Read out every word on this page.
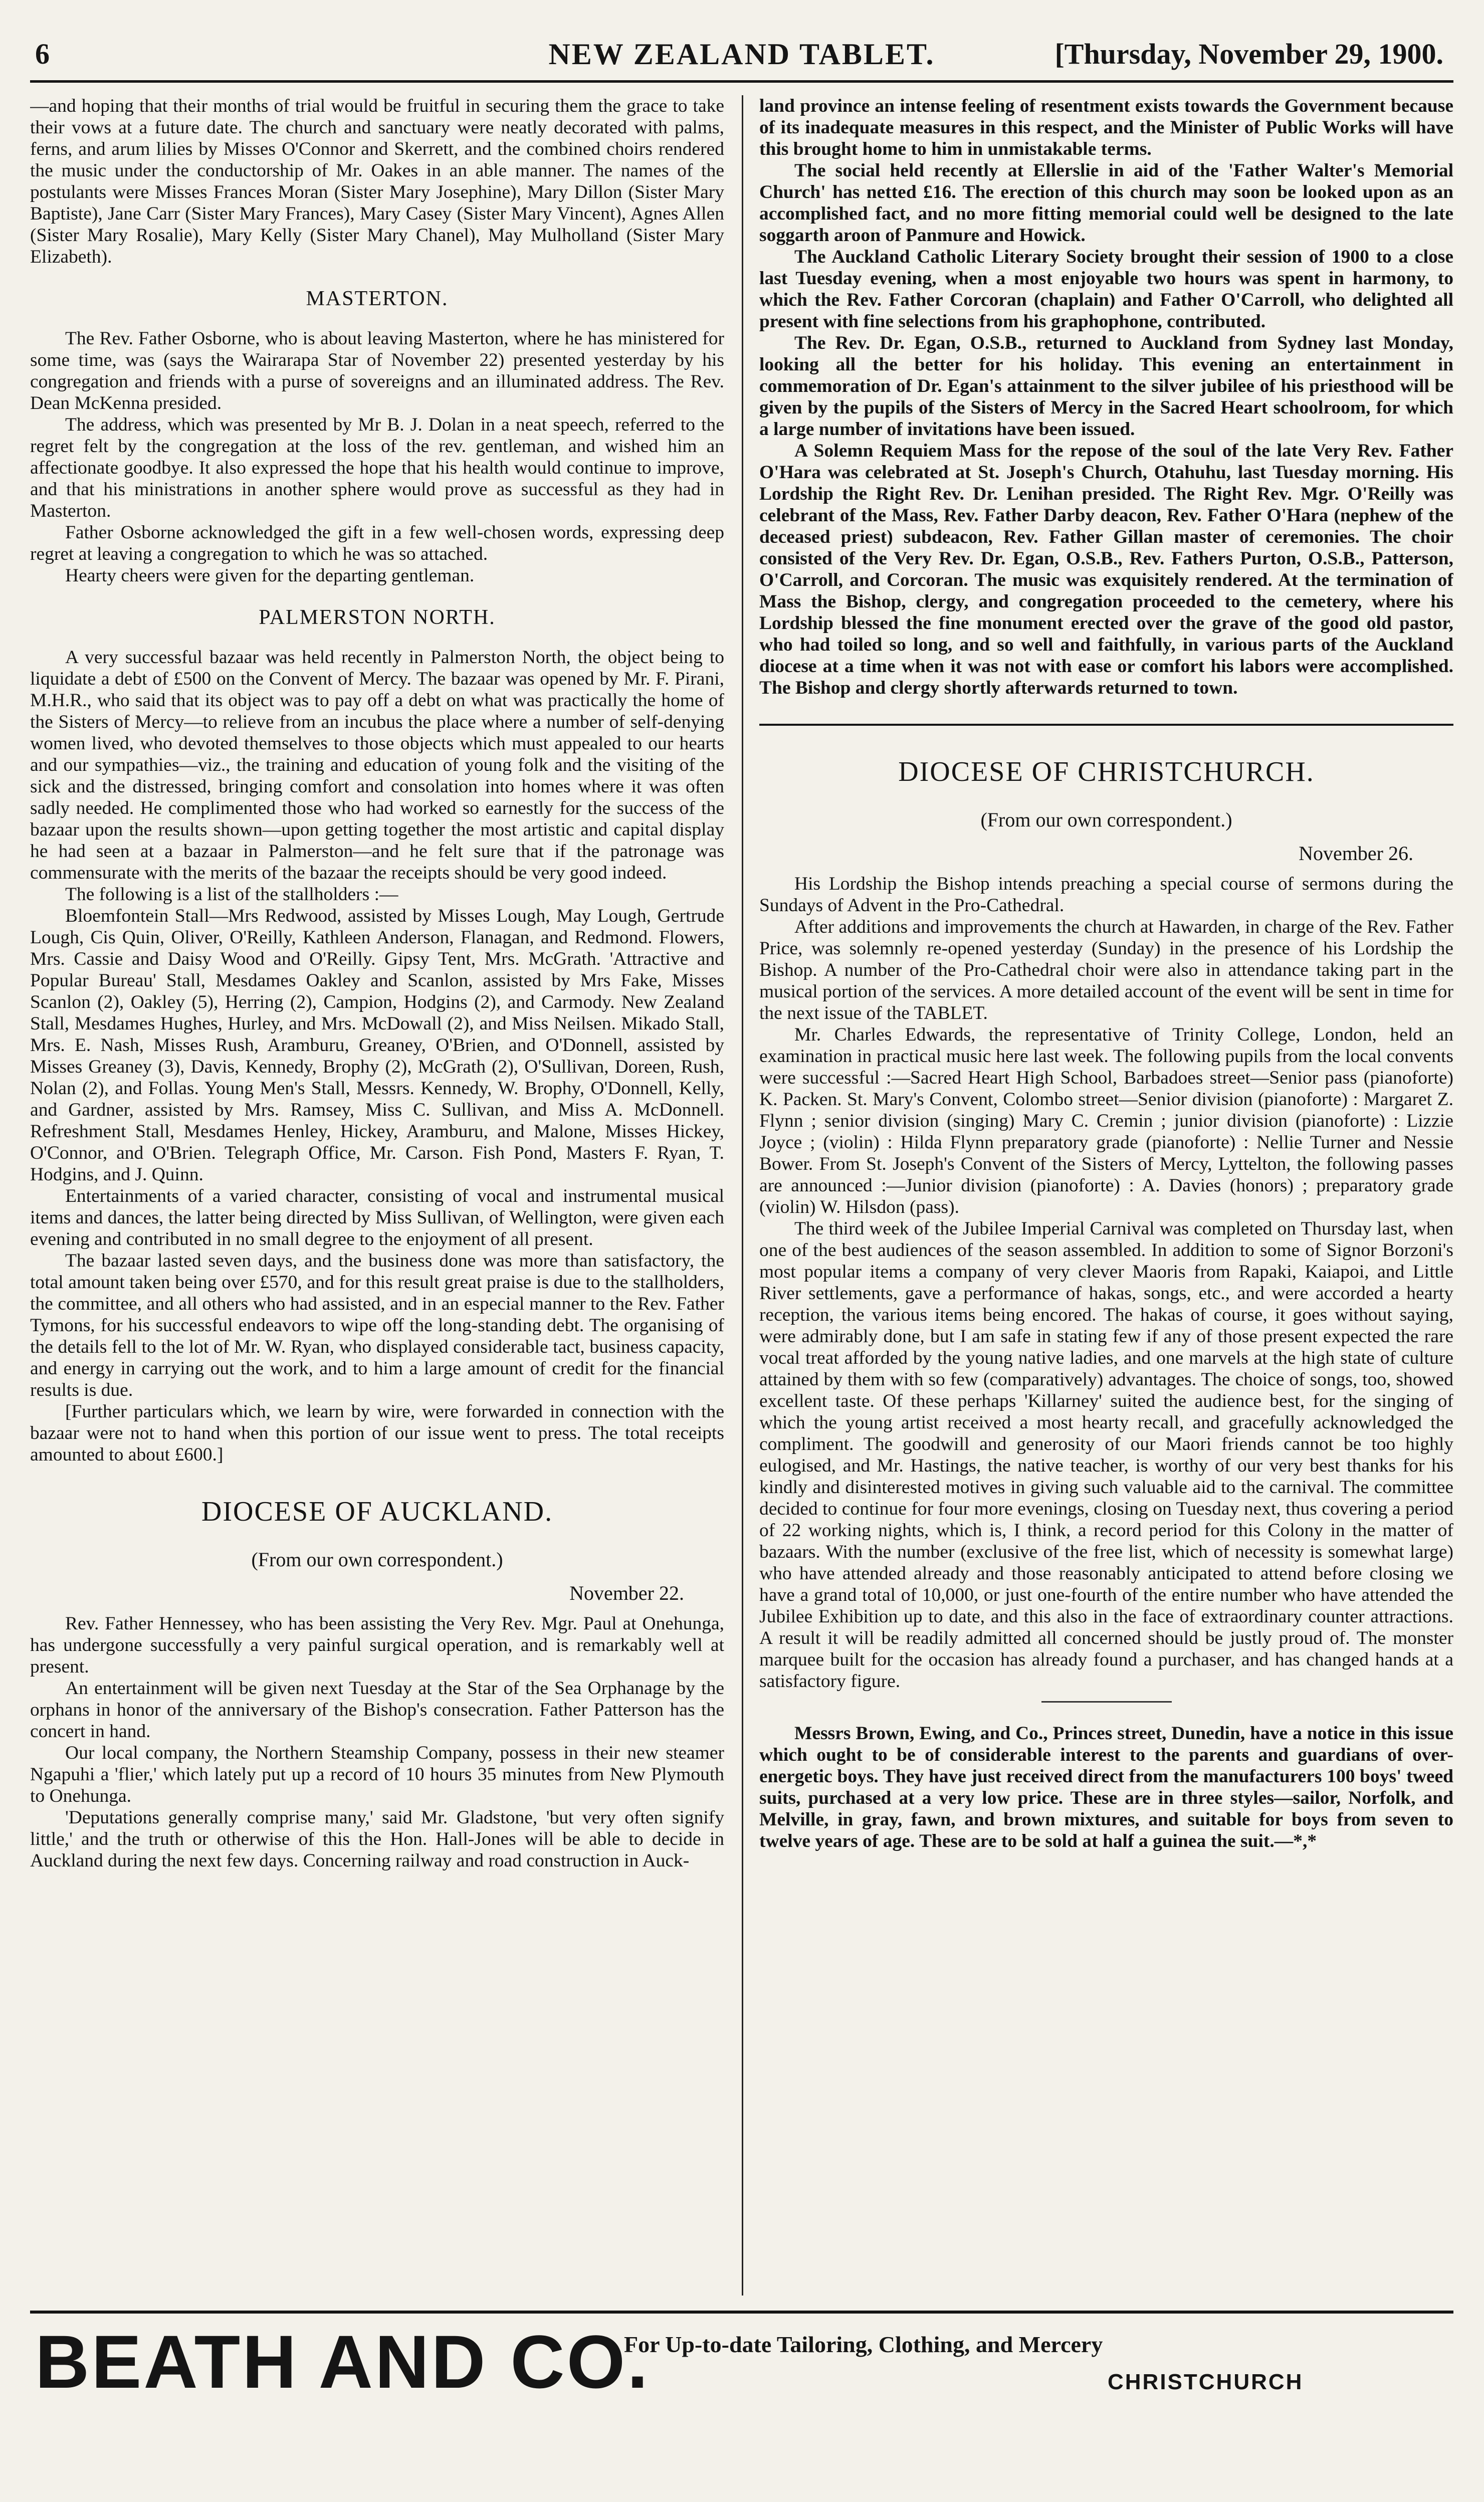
6	NEW ZEALAND TABLET.	[Thursday, November 29, 1900.

—and hoping that their months of trial would be fruitful in securing them the grace to take their vows at a future date. The church and sanctuary were neatly decorated with palms, ferns, and arum lilies by Misses O'Connor and Skerrett, and the combined choirs rendered the music under the conductorship of Mr. Oakes in an able manner. The names of the postulants were Misses Frances Moran (Sister Mary Josephine), Mary Dillon (Sister Mary Baptiste), Jane Carr (Sister Mary Frances), Mary Casey (Sister Mary Vincent), Agnes Allen (Sister Mary Rosalie), Mary Kelly (Sister Mary Chanel), May Mulholland (Sister Mary Elizabeth).

MASTERTON.

The Rev. Father Osborne, who is about leaving Masterton, where he has ministered for some time, was (says the Wairarapa Star of November 22) presented yesterday by his congregation and friends with a purse of sovereigns and an illuminated address. The Rev. Dean McKenna presided.

The address, which was presented by Mr B. J. Dolan in a neat speech, referred to the regret felt by the congregation at the loss of the rev. gentleman, and wished him an affectionate goodbye. It also expressed the hope that his health would continue to improve, and that his ministrations in another sphere would prove as successful as they had in Masterton.

Father Osborne acknowledged the gift in a few well-chosen words, expressing deep regret at leaving a congregation to which he was so attached.

Hearty cheers were given for the departing gentleman.

PALMERSTON NORTH.

A very successful bazaar was held recently in Palmerston North, the object being to liquidate a debt of £500 on the Convent of Mercy. The bazaar was opened by Mr. F. Pirani, M.H.R., who said that its object was to pay off a debt on what was practically the home of the Sisters of Mercy—to relieve from an incubus the place where a number of self-denying women lived, who devoted themselves to those objects which must appealed to our hearts and our sympathies—viz., the training and education of young folk and the visiting of the sick and the distressed, bringing comfort and consolation into homes where it was often sadly needed. He complimented those who had worked so earnestly for the success of the bazaar upon the results shown—upon getting together the most artistic and capital display he had seen at a bazaar in Palmerston—and he felt sure that if the patronage was commensurate with the merits of the bazaar the receipts should be very good indeed.

The following is a list of the stallholders :—

Bloemfontein Stall—Mrs Redwood, assisted by Misses Lough, May Lough, Gertrude Lough, Cis Quin, Oliver, O'Reilly, Kathleen Anderson, Flanagan, and Redmond. Flowers, Mrs. Cassie and Daisy Wood and O'Reilly. Gipsy Tent, Mrs. McGrath. 'Attractive and Popular Bureau' Stall, Mesdames Oakley and Scanlon, assisted by Mrs Fake, Misses Scanlon (2), Oakley (5), Herring (2), Campion, Hodgins (2), and Carmody. New Zealand Stall, Mesdames Hughes, Hurley, and Mrs. McDowall (2), and Miss Neilsen. Mikado Stall, Mrs. E. Nash, Misses Rush, Aramburu, Greaney, O'Brien, and O'Donnell, assisted by Misses Greaney (3), Davis, Kennedy, Brophy (2), McGrath (2), O'Sullivan, Doreen, Rush, Nolan (2), and Follas. Young Men's Stall, Messrs. Kennedy, W. Brophy, O'Donnell, Kelly, and Gardner, assisted by Mrs. Ramsey, Miss C. Sullivan, and Miss A. McDonnell. Refreshment Stall, Mesdames Henley, Hickey, Aramburu, and Malone, Misses Hickey, O'Connor, and O'Brien. Telegraph Office, Mr. Carson. Fish Pond, Masters F. Ryan, T. Hodgins, and J. Quinn.

Entertainments of a varied character, consisting of vocal and instrumental musical items and dances, the latter being directed by Miss Sullivan, of Wellington, were given each evening and contributed in no small degree to the enjoyment of all present.

The bazaar lasted seven days, and the business done was more than satisfactory, the total amount taken being over £570, and for this result great praise is due to the stallholders, the committee, and all others who had assisted, and in an especial manner to the Rev. Father Tymons, for his successful endeavors to wipe off the long-standing debt. The organising of the details fell to the lot of Mr. W. Ryan, who displayed considerable tact, business capacity, and energy in carrying out the work, and to him a large amount of credit for the financial results is due.

[Further particulars which, we learn by wire, were forwarded in connection with the bazaar were not to hand when this portion of our issue went to press. The total receipts amounted to about £600.]

DIOCESE OF AUCKLAND.

(From our own correspondent.)

November 22.

Rev. Father Hennessey, who has been assisting the Very Rev. Mgr. Paul at Onehunga, has undergone successfully a very painful surgical operation, and is remarkably well at present.

An entertainment will be given next Tuesday at the Star of the Sea Orphanage by the orphans in honor of the anniversary of the Bishop's consecration. Father Patterson has the concert in hand.

Our local company, the Northern Steamship Company, possess in their new steamer Ngapuhi a 'flier,' which lately put up a record of 10 hours 35 minutes from New Plymouth to Onehunga.

'Deputations generally comprise many,' said Mr. Gladstone, 'but very often signify little,' and the truth or otherwise of this the Hon. Hall-Jones will be able to decide in Auckland during the next few days. Concerning railway and road construction in Auck-

land province an intense feeling of resentment exists towards the Government because of its inadequate measures in this respect, and the Minister of Public Works will have this brought home to him in unmistakable terms.

The social held recently at Ellerslie in aid of the 'Father Walter's Memorial Church' has netted £16. The erection of this church may soon be looked upon as an accomplished fact, and no more fitting memorial could well be designed to the late soggarth aroon of Panmure and Howick.

The Auckland Catholic Literary Society brought their session of 1900 to a close last Tuesday evening, when a most enjoyable two hours was spent in harmony, to which the Rev. Father Corcoran (chaplain) and Father O'Carroll, who delighted all present with fine selections from his graphophone, contributed.

The Rev. Dr. Egan, O.S.B., returned to Auckland from Sydney last Monday, looking all the better for his holiday. This evening an entertainment in commemoration of Dr. Egan's attainment to the silver jubilee of his priesthood will be given by the pupils of the Sisters of Mercy in the Sacred Heart schoolroom, for which a large number of invitations have been issued.

A Solemn Requiem Mass for the repose of the soul of the late Very Rev. Father O'Hara was celebrated at St. Joseph's Church, Otahuhu, last Tuesday morning. His Lordship the Right Rev. Dr. Lenihan presided. The Right Rev. Mgr. O'Reilly was celebrant of the Mass, Rev. Father Darby deacon, Rev. Father O'Hara (nephew of the deceased priest) subdeacon, Rev. Father Gillan master of ceremonies. The choir consisted of the Very Rev. Dr. Egan, O.S.B., Rev. Fathers Purton, O.S.B., Patterson, O'Carroll, and Corcoran. The music was exquisitely rendered. At the termination of Mass the Bishop, clergy, and congregation proceeded to the cemetery, where his Lordship blessed the fine monument erected over the grave of the good old pastor, who had toiled so long, and so well and faithfully, in various parts of the Auckland diocese at a time when it was not with ease or comfort his labors were accomplished. The Bishop and clergy shortly afterwards returned to town.

DIOCESE OF CHRISTCHURCH.

(From our own correspondent.)

November 26.

His Lordship the Bishop intends preaching a special course of sermons during the Sundays of Advent in the Pro-Cathedral.

After additions and improvements the church at Hawarden, in charge of the Rev. Father Price, was solemnly re-opened yesterday (Sunday) in the presence of his Lordship the Bishop. A number of the Pro-Cathedral choir were also in attendance taking part in the musical portion of the services. A more detailed account of the event will be sent in time for the next issue of the TABLET.

Mr. Charles Edwards, the representative of Trinity College, London, held an examination in practical music here last week. The following pupils from the local convents were successful :—Sacred Heart High School, Barbadoes street—Senior pass (pianoforte) K. Packen. St. Mary's Convent, Colombo street—Senior division (pianoforte) : Margaret Z. Flynn ; senior division (singing) Mary C. Cremin ; junior division (pianoforte) : Lizzie Joyce ; (violin) : Hilda Flynn preparatory grade (pianoforte) : Nellie Turner and Nessie Bower. From St. Joseph's Convent of the Sisters of Mercy, Lyttelton, the following passes are announced :—Junior division (pianoforte) : A. Davies (honors) ; preparatory grade (violin) W. Hilsdon (pass).

The third week of the Jubilee Imperial Carnival was completed on Thursday last, when one of the best audiences of the season assembled. In addition to some of Signor Borzoni's most popular items a company of very clever Maoris from Rapaki, Kaiapoi, and Little River settlements, gave a performance of hakas, songs, etc., and were accorded a hearty reception, the various items being encored. The hakas of course, it goes without saying, were admirably done, but I am safe in stating few if any of those present expected the rare vocal treat afforded by the young native ladies, and one marvels at the high state of culture attained by them with so few (comparatively) advantages. The choice of songs, too, showed excellent taste. Of these perhaps 'Killarney' suited the audience best, for the singing of which the young artist received a most hearty recall, and gracefully acknowledged the compliment. The goodwill and generosity of our Maori friends cannot be too highly eulogised, and Mr. Hastings, the native teacher, is worthy of our very best thanks for his kindly and disinterested motives in giving such valuable aid to the carnival. The committee decided to continue for four more evenings, closing on Tuesday next, thus covering a period of 22 working nights, which is, I think, a record period for this Colony in the matter of bazaars. With the number (exclusive of the free list, which of necessity is somewhat large) who have attended already and those reasonably anticipated to attend before closing we have a grand total of 10,000, or just one-fourth of the entire number who have attended the Jubilee Exhibition up to date, and this also in the face of extraordinary counter attractions. A result it will be readily admitted all concerned should be justly proud of. The monster marquee built for the occasion has already found a purchaser, and has changed hands at a satisfactory figure.

Messrs Brown, Ewing, and Co., Princes street, Dunedin, have a notice in this issue which ought to be of considerable interest to the parents and guardians of over-energetic boys. They have just received direct from the manufacturers 100 boys' tweed suits, purchased at a very low price. These are in three styles—sailor, Norfolk, and Melville, in gray, fawn, and brown mixtures, and suitable for boys from seven to twelve years of age. These are to be sold at half a guinea the suit.—*,*

BEATH AND CO.
For Up-to-date Tailoring, Clothing, and Mercery
CHRISTCHURCH
